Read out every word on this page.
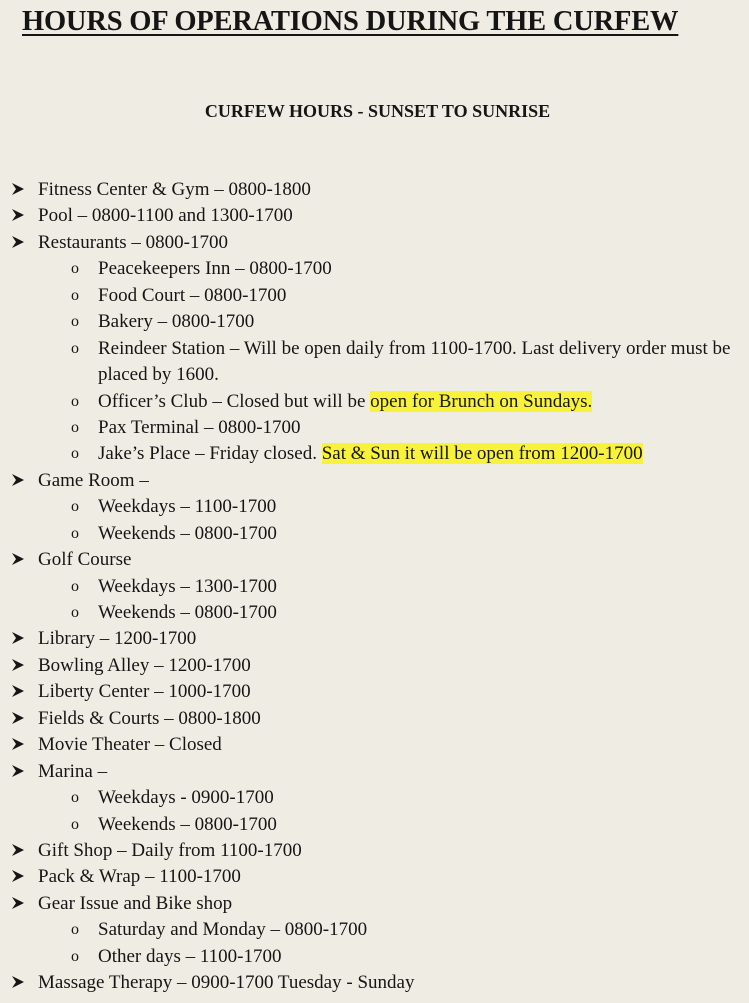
HOURS OF OPERATIONS DURING THE CURFEW
CURFEW HOURS - SUNSET TO SUNRISE
Fitness Center & Gym – 0800-1800
Pool – 0800-1100 and 1300-1700
Restaurants – 0800-1700
o Peacekeepers Inn – 0800-1700
o Food Court – 0800-1700
o Bakery – 0800-1700
o Reindeer Station – Will be open daily from 1100-1700. Last delivery order must be placed by 1600.
o Officer’s Club – Closed but will be open for Brunch on Sundays.
o Pax Terminal – 0800-1700
o Jake’s Place – Friday closed. Sat & Sun it will be open from 1200-1700
Game Room –
o Weekdays – 1100-1700
o Weekends – 0800-1700
Golf Course
o Weekdays – 1300-1700
o Weekends – 0800-1700
Library – 1200-1700
Bowling Alley – 1200-1700
Liberty Center – 1000-1700
Fields & Courts – 0800-1800
Movie Theater – Closed
Marina –
o Weekdays - 0900-1700
o Weekends – 0800-1700
Gift Shop – Daily from 1100-1700
Pack & Wrap – 1100-1700
Gear Issue and Bike shop
o Saturday and Monday – 0800-1700
o Other days – 1100-1700
Massage Therapy – 0900-1700 Tuesday - Sunday
